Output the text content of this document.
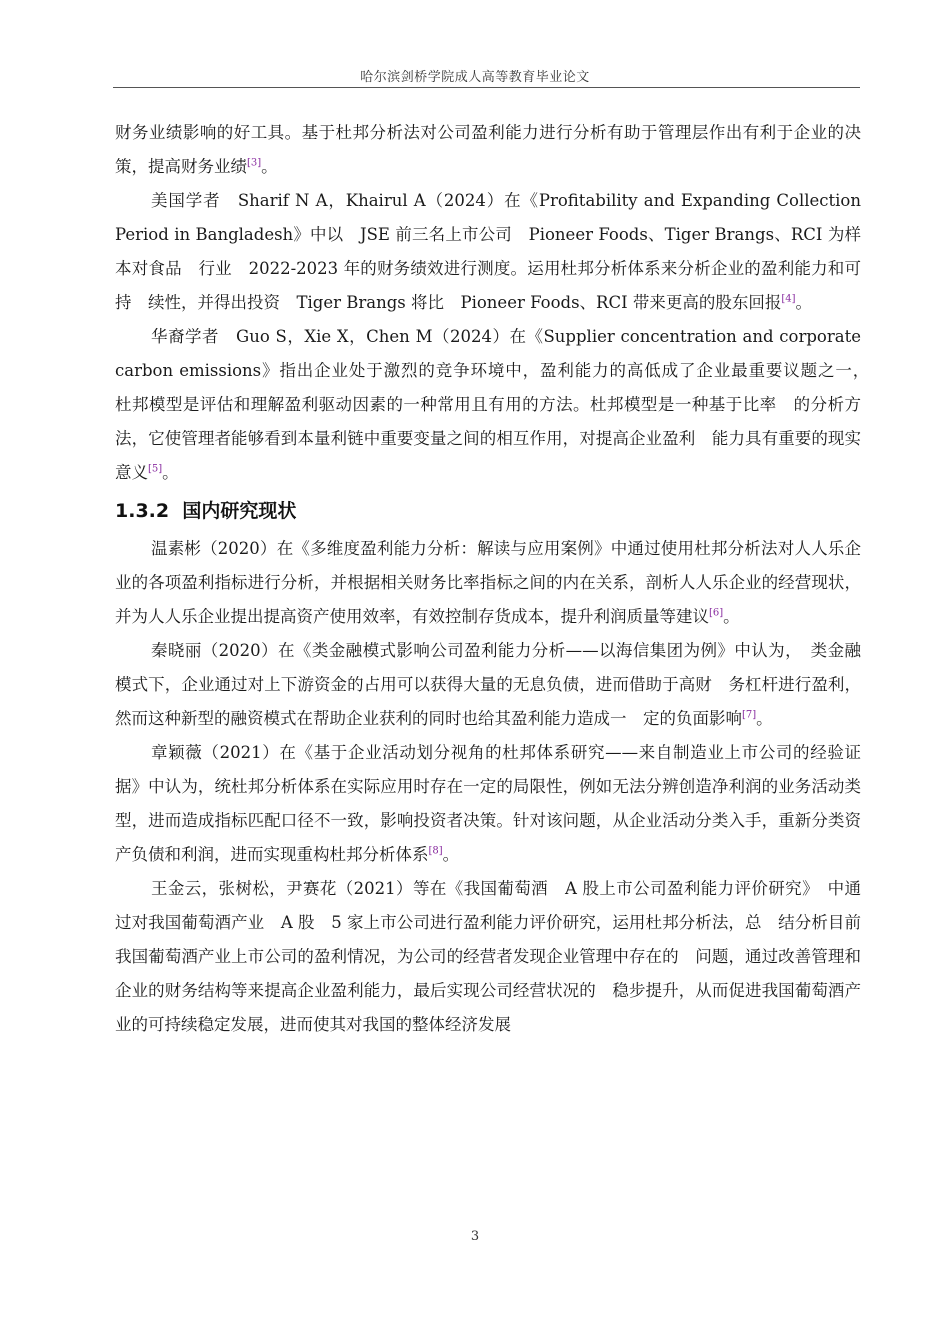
哈尔滨剑桥学院成人高等教育毕业论文

财务业绩影响的好工具。基于杜邦分析法对公司盈利能力进行分析有助于管理层作出有利于企业的决策，提高财务业绩[3]。

美国学者　Sharif N A，Khairul A（2024）在《Profitability and Expanding Collection Period in Bangladesh》中以　JSE 前三名上市公司　Pioneer Foods、Tiger Brangs、RCI 为样本对食品　行业　2022-2023 年的财务绩效进行测度。运用杜邦分析体系来分析企业的盈利能力和可持　续性，并得出投资　Tiger Brangs 将比　Pioneer Foods、RCI 带来更高的股东回报[4]。

华裔学者　Guo S，Xie X，Chen M（2024）在《Supplier concentration and corporate carbon emissions》指出企业处于激烈的竞争环境中，盈利能力的高低成了企业最重要议题之一，　杜邦模型是评估和理解盈利驱动因素的一种常用且有用的方法。杜邦模型是一种基于比率　的分析方法，它使管理者能够看到本量利链中重要变量之间的相互作用，对提高企业盈利　能力具有重要的现实意义[5]。

1.3.2 国内研究现状

温素彬（2020）在《多维度盈利能力分析：解读与应用案例》中通过使用杜邦分析法对人人乐企业的各项盈利指标进行分析，并根据相关财务比率指标之间的内在关系，剖析人人乐企业的经营现状，并为人人乐企业提出提高资产使用效率，有效控制存货成本，提升利润质量等建议[6]。

秦晓丽（2020）在《类金融模式影响公司盈利能力分析——以海信集团为例》中认为，　类金融模式下，企业通过对上下游资金的占用可以获得大量的无息负债，进而借助于高财　务杠杆进行盈利，然而这种新型的融资模式在帮助企业获利的同时也给其盈利能力造成一　定的负面影响[7]。

章颖薇（2021）在《基于企业活动划分视角的杜邦体系研究——来自制造业上市公司的经验证据》中认为，统杜邦分析体系在实际应用时存在一定的局限性，例如无法分辨创造净利润的业务活动类型，进而造成指标匹配口径不一致，影响投资者决策。针对该问题，从企业活动分类入手，重新分类资产负债和利润，进而实现重构杜邦分析体系[8]。

王金云，张树松，尹赛花（2021）等在《我国葡萄酒　A 股上市公司盈利能力评价研究》　中通过对我国葡萄酒产业　A 股　5 家上市公司进行盈利能力评价研究，运用杜邦分析法，总　结分析目前我国葡萄酒产业上市公司的盈利情况，为公司的经营者发现企业管理中存在的　问题，通过改善管理和企业的财务结构等来提高企业盈利能力，最后实现公司经营状况的　稳步提升，从而促进我国葡萄酒产业的可持续稳定发展，进而使其对我国的整体经济发展

3
